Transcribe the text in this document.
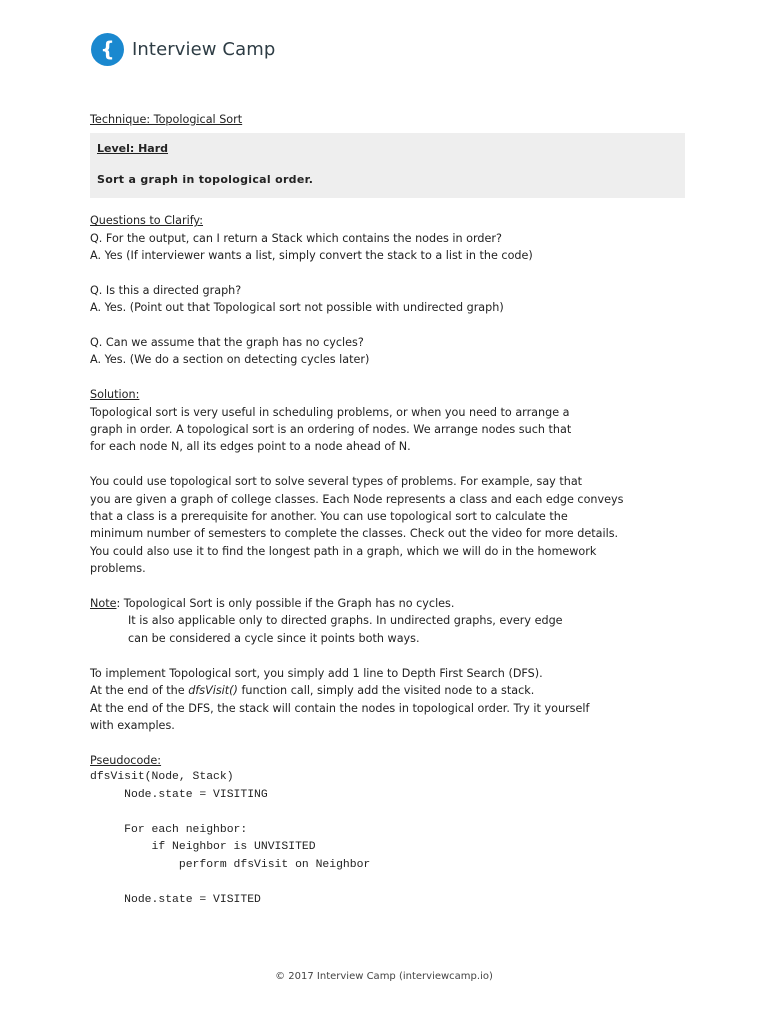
{ Interview Camp
Technique: Topological Sort
Level: Hard
Sort a graph in topological order.
Questions to Clarify:
Q. For the output, can I return a Stack which contains the nodes in order?
A. Yes (If interviewer wants a list, simply convert the stack to a list in the code)
Q. Is this a directed graph?
A. Yes. (Point out that Topological sort not possible with undirected graph)
Q. Can we assume that the graph has no cycles?
A. Yes. (We do a section on detecting cycles later)
Solution:
Topological sort is very useful in scheduling problems, or when you need to arrange a
graph in order. A topological sort is an ordering of nodes. We arrange nodes such that
for each node N, all its edges point to a node ahead of N.
You could use topological sort to solve several types of problems. For example, say that
you are given a graph of college classes. Each Node represents a class and each edge conveys
that a class is a prerequisite for another. You can use topological sort to calculate the
minimum number of semesters to complete the classes. Check out the video for more details.
You could also use it to find the longest path in a graph, which we will do in the homework
problems.
Note: Topological Sort is only possible if the Graph has no cycles.
It is also applicable only to directed graphs. In undirected graphs, every edge
can be considered a cycle since it points both ways.
To implement Topological sort, you simply add 1 line to Depth First Search (DFS).
At the end of the dfsVisit() function call, simply add the visited node to a stack.
At the end of the DFS, the stack will contain the nodes in topological order. Try it yourself
with examples.
Pseudocode:
dfsVisit(Node, Stack)
Node.state = VISITING

For each neighbor:
if Neighbor is UNVISITED
perform dfsVisit on Neighbor

Node.state = VISITED
© 2017 Interview Camp (interviewcamp.io)
